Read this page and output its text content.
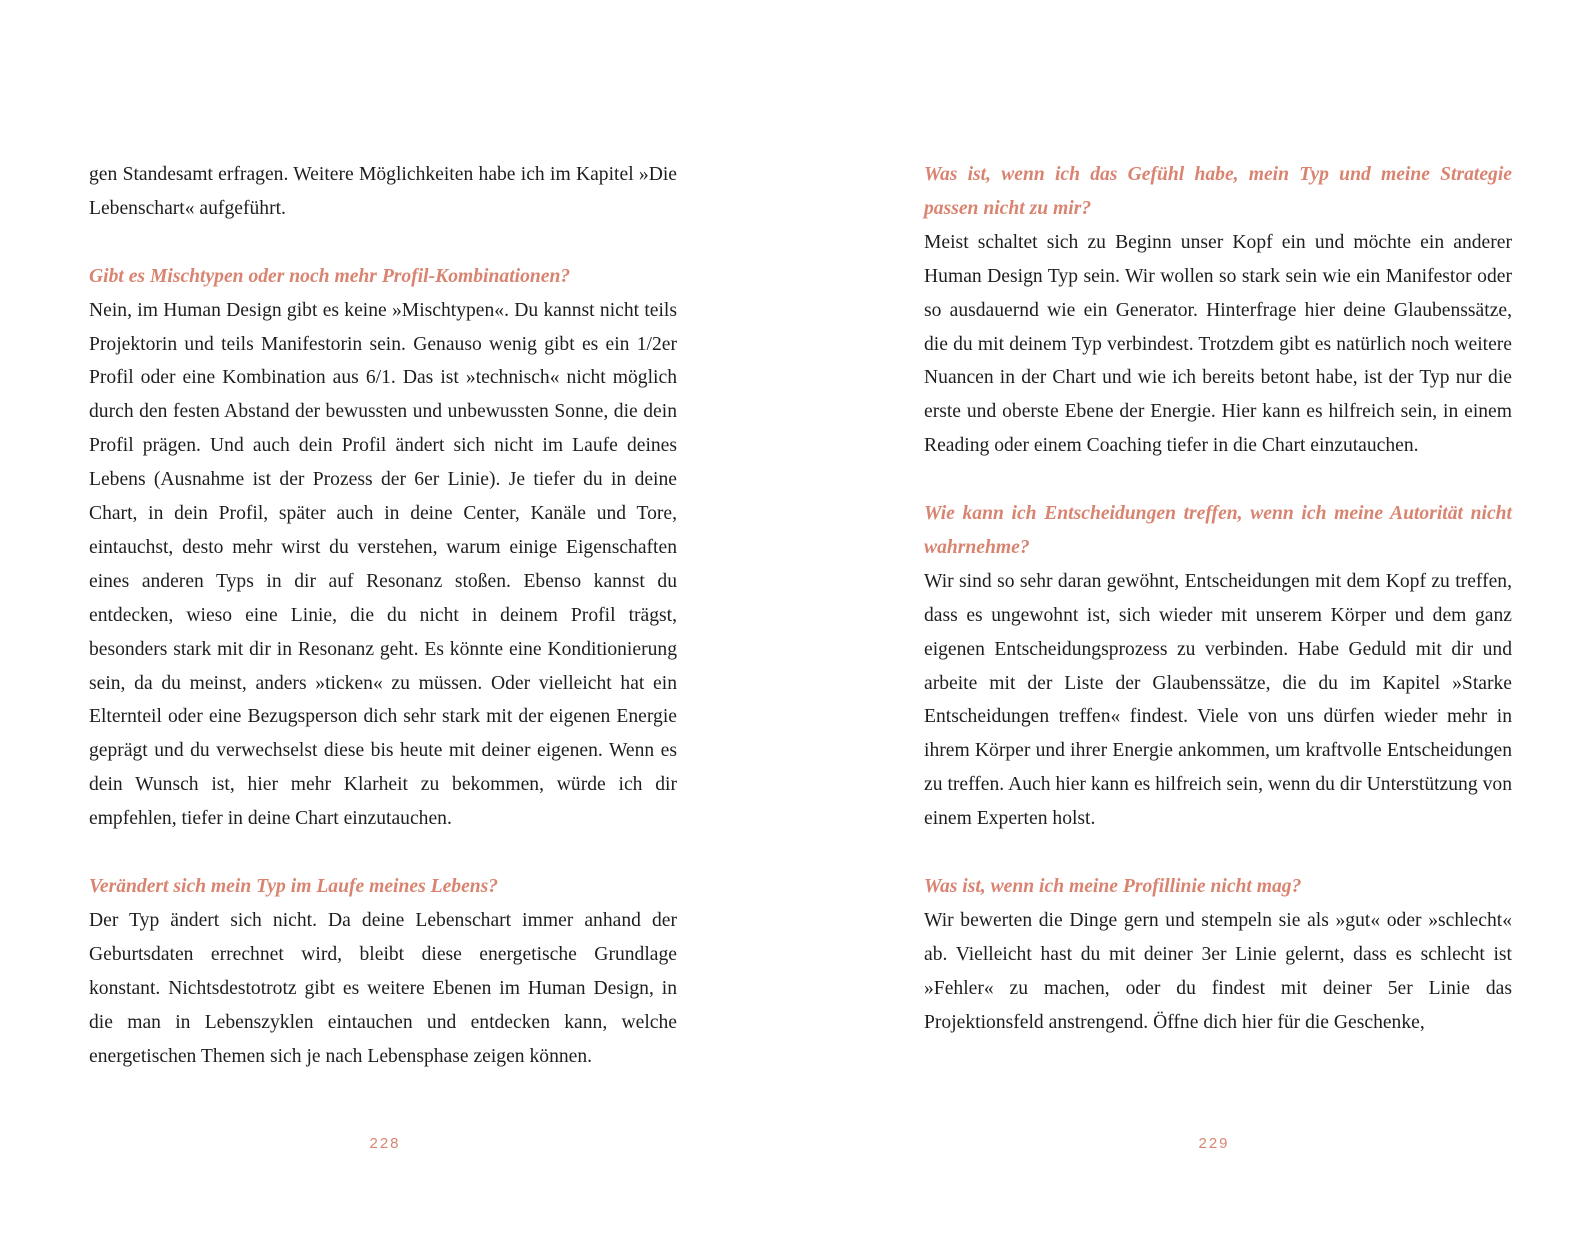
gen Standesamt erfragen. Weitere Möglichkeiten habe ich im Kapitel »Die Lebenschart« aufgeführt.

Gibt es Mischtypen oder noch mehr Profil-Kombinationen?

Nein, im Human Design gibt es keine »Mischtypen«. Du kannst nicht teils Projektorin und teils Manifestorin sein. Genauso wenig gibt es ein 1/2er Profil oder eine Kombination aus 6/1. Das ist »technisch« nicht möglich durch den festen Abstand der bewussten und unbewussten Sonne, die dein Profil prägen. Und auch dein Profil ändert sich nicht im Laufe deines Lebens (Ausnahme ist der Prozess der 6er Linie). Je tiefer du in deine Chart, in dein Profil, später auch in deine Center, Kanäle und Tore, eintauchst, desto mehr wirst du verstehen, warum einige Eigenschaften eines anderen Typs in dir auf Resonanz stoßen. Ebenso kannst du entdecken, wieso eine Linie, die du nicht in deinem Profil trägst, besonders stark mit dir in Resonanz geht. Es könnte eine Konditionierung sein, da du meinst, anders »ticken« zu müssen. Oder vielleicht hat ein Elternteil oder eine Bezugsperson dich sehr stark mit der eigenen Energie geprägt und du verwechselst diese bis heute mit deiner eigenen. Wenn es dein Wunsch ist, hier mehr Klarheit zu bekommen, würde ich dir empfehlen, tiefer in deine Chart einzutauchen.

Verändert sich mein Typ im Laufe meines Lebens?

Der Typ ändert sich nicht. Da deine Lebenschart immer anhand der Geburtsdaten errechnet wird, bleibt diese energetische Grundlage konstant. Nichtsdestotrotz gibt es weitere Ebenen im Human Design, in die man in Lebenszyklen eintauchen und entdecken kann, welche energetischen Themen sich je nach Lebensphase zeigen können.

Was ist, wenn ich das Gefühl habe, mein Typ und meine Strategie passen nicht zu mir?

Meist schaltet sich zu Beginn unser Kopf ein und möchte ein anderer Human Design Typ sein. Wir wollen so stark sein wie ein Manifestor oder so ausdauernd wie ein Generator. Hinterfrage hier deine Glaubenssätze, die du mit deinem Typ verbindest. Trotzdem gibt es natürlich noch weitere Nuancen in der Chart und wie ich bereits betont habe, ist der Typ nur die erste und oberste Ebene der Energie. Hier kann es hilfreich sein, in einem Reading oder einem Coaching tiefer in die Chart einzutauchen.

Wie kann ich Entscheidungen treffen, wenn ich meine Autorität nicht wahrnehme?

Wir sind so sehr daran gewöhnt, Entscheidungen mit dem Kopf zu treffen, dass es ungewohnt ist, sich wieder mit unserem Körper und dem ganz eigenen Entscheidungsprozess zu verbinden. Habe Geduld mit dir und arbeite mit der Liste der Glaubenssätze, die du im Kapitel »Starke Entscheidungen treffen« findest. Viele von uns dürfen wieder mehr in ihrem Körper und ihrer Energie ankommen, um kraftvolle Entscheidungen zu treffen. Auch hier kann es hilfreich sein, wenn du dir Unterstützung von einem Experten holst.

Was ist, wenn ich meine Profillinie nicht mag?

Wir bewerten die Dinge gern und stempeln sie als »gut« oder »schlecht« ab. Vielleicht hast du mit deiner 3er Linie gelernt, dass es schlecht ist »Fehler« zu machen, oder du findest mit deiner 5er Linie das Projektionsfeld anstrengend. Öffne dich hier für die Geschenke,

228	229
